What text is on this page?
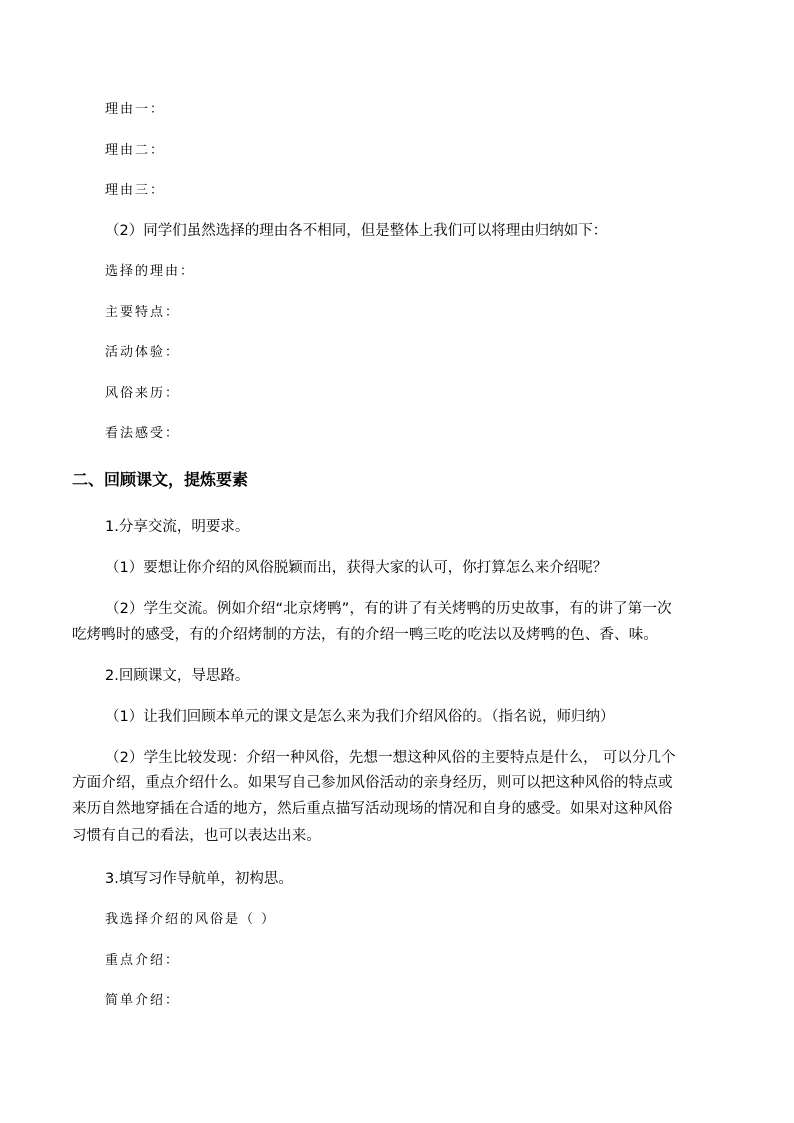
理由一：

理由二：

理由三：

（2）同学们虽然选择的理由各不相同，但是整体上我们可以将理由归纳如下：

选择的理由：

主要特点：

活动体验：

风俗来历：

看法感受：

二、回顾课文，提炼要素

1.分享交流，明要求。

（1）要想让你介绍的风俗脱颖而出，获得大家的认可，你打算怎么来介绍呢？

（2）学生交流。例如介绍“北京烤鸭”，有的讲了有关烤鸭的历史故事，有的讲了第一次

吃烤鸭时的感受，有的介绍烤制的方法，有的介绍一鸭三吃的吃法以及烤鸭的色、香、味。

2.回顾课文，导思路。

（1）让我们回顾本单元的课文是怎么来为我们介绍风俗的。（指名说，师归纳）

（2）学生比较发现：介绍一种风俗，先想一想这种风俗的主要特点是什么， 可以分几个

方面介绍，重点介绍什么。如果写自己参加风俗活动的亲身经历，则可以把这种风俗的特点或

来历自然地穿插在合适的地方，然后重点描写活动现场的情况和自身的感受。如果对这种风俗

习惯有自己的看法，也可以表达出来。

3.填写习作导航单，初构思。

我选择介绍的风俗是（ ）

重点介绍：

简单介绍：
